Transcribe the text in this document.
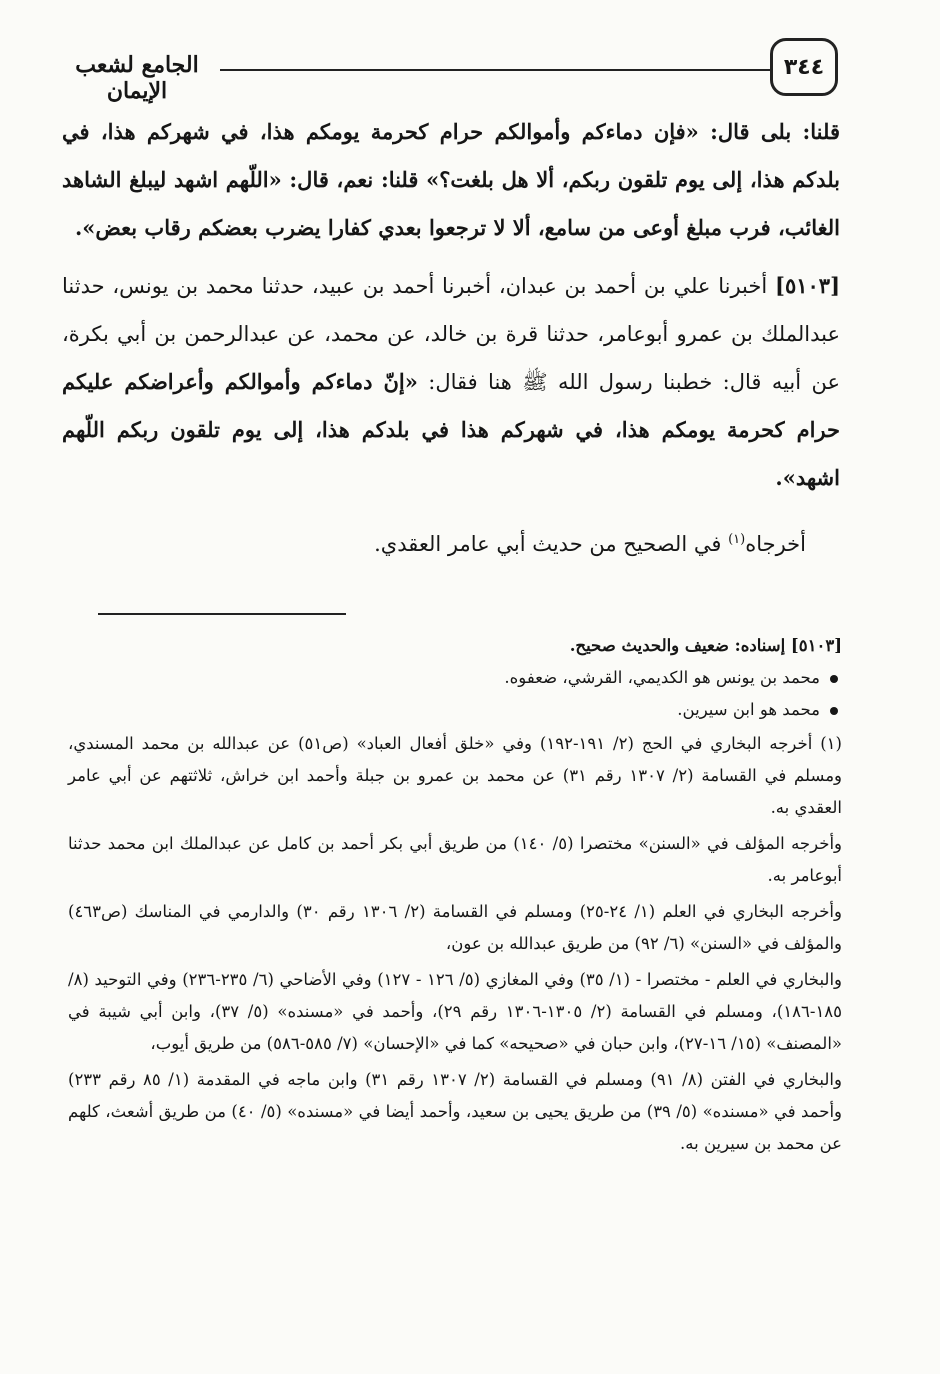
٣٤٤
الجامع لشعب الإيمان

قلنا: بلى قال: «فإن دماءكم وأموالكم حرام كحرمة يومكم هذا، في شهركم هذا، في بلدكم هذا، إلى يوم تلقون ربكم، ألا هل بلغت؟» قلنا: نعم، قال: «اللّهم اشهد ليبلغ الشاهد الغائب، فرب مبلغ أوعى من سامع، ألا لا ترجعوا بعدي كفارا يضرب بعضكم رقاب بعض».

[٥١٠٣] أخبرنا علي بن أحمد بن عبدان، أخبرنا أحمد بن عبيد، حدثنا محمد بن يونس، حدثنا عبدالملك بن عمرو أبوعامر، حدثنا قرة بن خالد، عن محمد، عن عبدالرحمن بن أبي بكرة، عن أبيه قال: خطبنا رسول الله ﷺ هنا فقال: «إنّ دماءكم وأموالكم وأعراضكم عليكم حرام كحرمة يومكم هذا، في شهركم هذا في بلدكم هذا، إلى يوم تلقون ربكم اللّهم اشهد».

أخرجاه$^{(١)}$ في الصحيح من حديث أبي عامر العقدي.

[٥١٠٣] إسناده: ضعيف والحديث صحيح.

محمد بن يونس هو الكديمي، القرشي، ضعفوه.

محمد هو ابن سيرين.

(١) أخرجه البخاري في الحج (٢/ ١٩١-١٩٢) وفي «خلق أفعال العباد» (ص٥١) عن عبدالله بن محمد المسندي، ومسلم في القسامة (٢/ ١٣٠٧ رقم ٣١) عن محمد بن عمرو بن جبلة وأحمد ابن خراش، ثلاثتهم عن أبي عامر العقدي به.

وأخرجه المؤلف في «السنن» مختصرا (٥/ ١٤٠) من طريق أبي بكر أحمد بن كامل عن عبدالملك ابن محمد حدثنا أبوعامر به.

وأخرجه البخاري في العلم (١/ ٢٤-٢٥) ومسلم في القسامة (٢/ ١٣٠٦ رقم ٣٠) والدارمي في المناسك (ص٤٦٣) والمؤلف في «السنن» (٦/ ٩٢) من طريق عبدالله بن عون،

والبخاري في العلم - مختصرا - (١/ ٣٥) وفي المغازي (٥/ ١٢٦ - ١٢٧) وفي الأضاحي (٦/ ٢٣٥-٢٣٦) وفي التوحيد (٨/ ١٨٥-١٨٦)، ومسلم في القسامة (٢/ ١٣٠٥-١٣٠٦ رقم ٢٩)، وأحمد في «مسنده» (٥/ ٣٧)، وابن أبي شيبة في «المصنف» (١٥/ ١٦-٢٧)، وابن حبان في «صحيحه» كما في «الإحسان» (٧/ ٥٨٥-٥٨٦) من طريق أيوب،

والبخاري في الفتن (٨/ ٩١) ومسلم في القسامة (٢/ ١٣٠٧ رقم ٣١) وابن ماجه في المقدمة (١/ ٨٥ رقم ٢٣٣) وأحمد في «مسنده» (٥/ ٣٩) من طريق يحيى بن سعيد، وأحمد أيضا في «مسنده» (٥/ ٤٠) من طريق أشعث، كلهم عن محمد بن سيرين به.
